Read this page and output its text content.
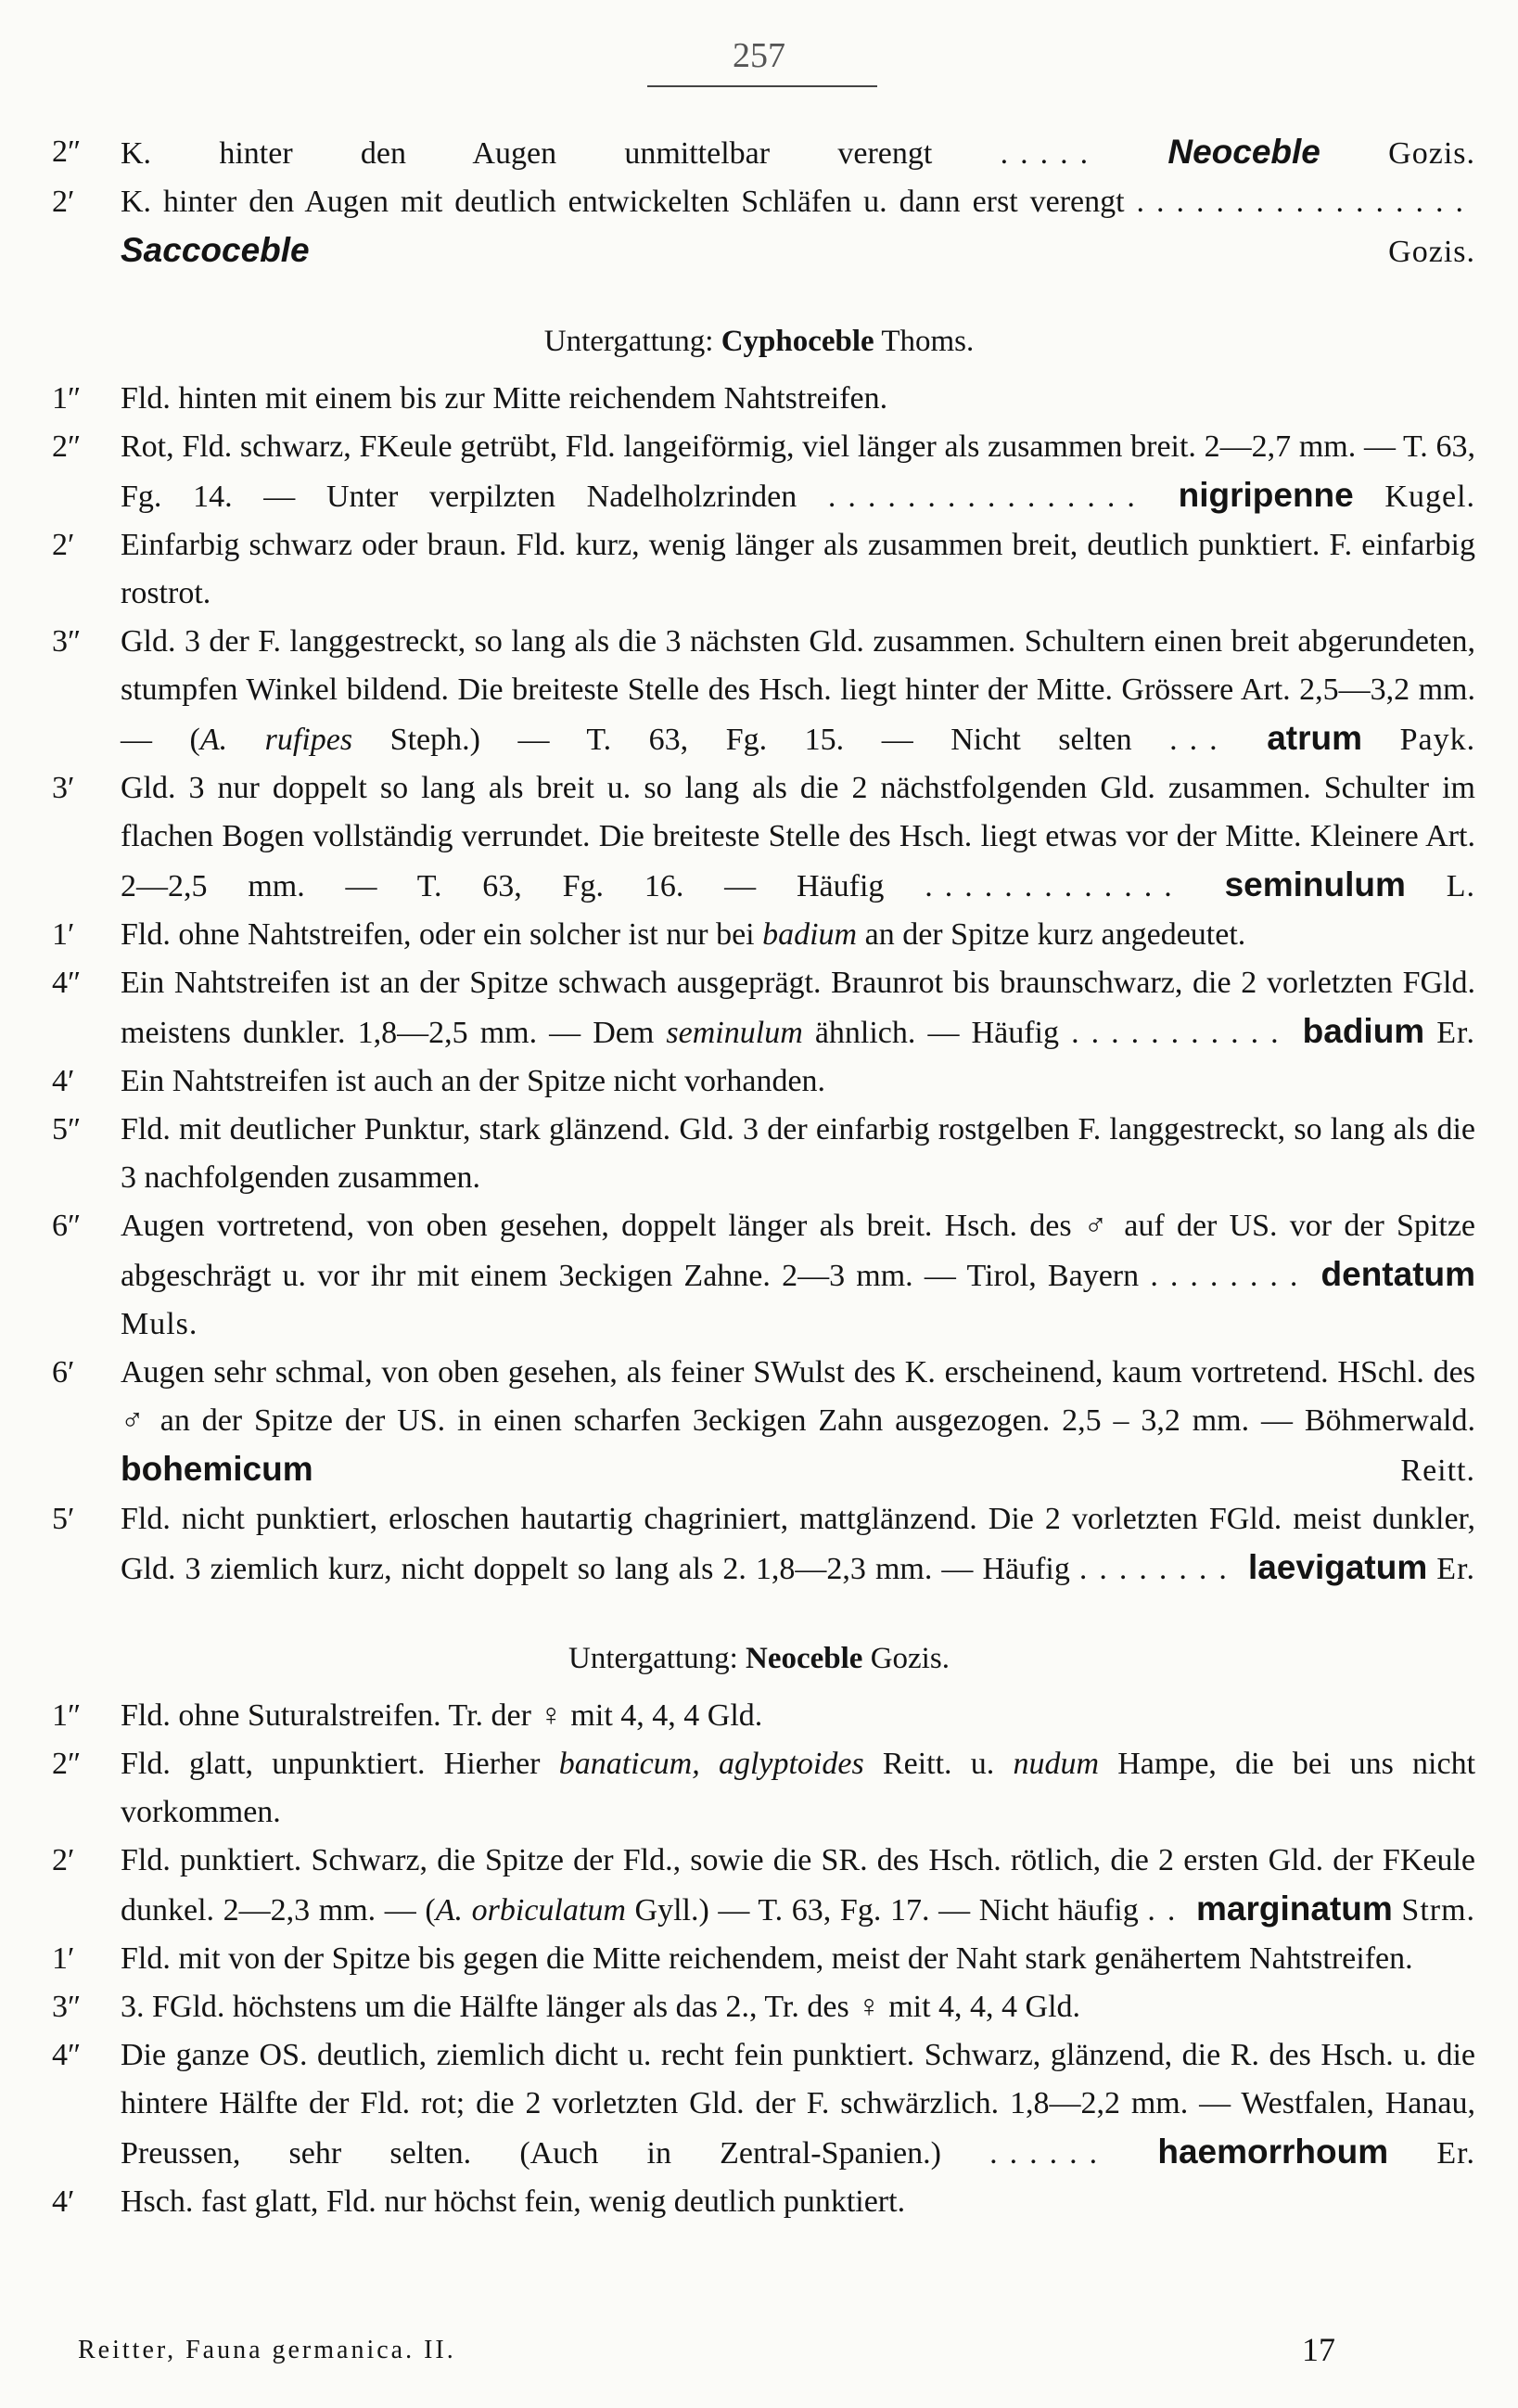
257
2″	K. hinter den Augen unmittelbar verengt ..... Neoceble Gozis.
2′	K. hinter den Augen mit deutlich entwickelten Schläfen u. dann erst verengt ................. Saccoceble	Gozis.
Untergattung: Cyphoceble Thoms.
1″	Fld. hinten mit einem bis zur Mitte reichendem Nahtstreifen.
2″	Rot, Fld. schwarz, FKeule getrübt, Fld. langeiförmig, viel länger als zusammen breit. 2—2,7 mm. — T. 63, Fg. 14. — Unter verpilzten Nadelholzrinden ................ nigripenne Kugel.
2′	Einfarbig schwarz oder braun. Fld. kurz, wenig länger als zusammen breit, deutlich punktiert. F. einfarbig rostrot.
3″	Gld. 3 der F. langgestreckt, so lang als die 3 nächsten Gld. zusammen. Schultern einen breit abgerundeten, stumpfen Winkel bildend. Die breiteste Stelle des Hsch. liegt hinter der Mitte. Grössere Art. 2,5—3,2 mm. — (A. rufipes Steph.) — T. 63, Fg. 15. — Nicht selten ... atrum Payk.
3′	Gld. 3 nur doppelt so lang als breit u. so lang als die 2 nächstfolgenden Gld. zusammen. Schulter im flachen Bogen vollständig verrundet. Die breiteste Stelle des Hsch. liegt etwas vor der Mitte. Kleinere Art. 2—2,5 mm. — T. 63, Fg. 16. — Häufig ............. seminulum L.
1′	Fld. ohne Nahtstreifen, oder ein solcher ist nur bei badium an der Spitze kurz angedeutet.
4″	Ein Nahtstreifen ist an der Spitze schwach ausgeprägt. Braunrot bis braunschwarz, die 2 vorletzten FGld. meistens dunkler. 1,8—2,5 mm. — Dem seminulum ähnlich. — Häufig ........... badium Er.
4′	Ein Nahtstreifen ist auch an der Spitze nicht vorhanden.
5″	Fld. mit deutlicher Punktur, stark glänzend. Gld. 3 der einfarbig rostgelben F. langgestreckt, so lang als die 3 nachfolgenden zusammen.
6″	Augen vortretend, von oben gesehen, doppelt länger als breit. Hsch. des ♂ auf der US. vor der Spitze abgeschrägt u. vor ihr mit einem 3eckigen Zahne. 2—3 mm. — Tirol, Bayern ........ dentatum Muls.
6′	Augen sehr schmal, von oben gesehen, als feiner SWulst des K. erscheinend, kaum vortretend. HSchl. des ♂ an der Spitze der US. in einen scharfen 3eckigen Zahn ausgezogen. 2,5 – 3,2 mm. — Böhmerwald. bohemicum	Reitt.
5′	Fld. nicht punktiert, erloschen hautartig chagriniert, mattglänzend. Die 2 vorletzten FGld. meist dunkler, Gld. 3 ziemlich kurz, nicht doppelt so lang als 2. 1,8—2,3 mm. — Häufig ........ laevigatum Er.
Untergattung: Neoceble Gozis.
1″	Fld. ohne Suturalstreifen. Tr. der ♀ mit 4, 4, 4 Gld.
2″	Fld. glatt, unpunktiert. Hierher banaticum, aglyptoides Reitt. u. nudum Hampe, die bei uns nicht vorkommen.
2′	Fld. punktiert. Schwarz, die Spitze der Fld., sowie die SR. des Hsch. rötlich, die 2 ersten Gld. der FKeule dunkel. 2—2,3 mm. — (A. orbiculatum Gyll.) — T. 63, Fg. 17. — Nicht häufig .. marginatum Strm.
1′	Fld. mit von der Spitze bis gegen die Mitte reichendem, meist der Naht stark genähertem Nahtstreifen.
3″	3. FGld. höchstens um die Hälfte länger als das 2., Tr. des ♀ mit 4, 4, 4 Gld.
4″	Die ganze OS. deutlich, ziemlich dicht u. recht fein punktiert. Schwarz, glänzend, die R. des Hsch. u. die hintere Hälfte der Fld. rot; die 2 vorletzten Gld. der F. schwärzlich. 1,8—2,2 mm. — Westfalen, Hanau, Preussen, sehr selten. (Auch in Zentral-Spanien.) ...... haemorrhoum Er.
4′	Hsch. fast glatt, Fld. nur höchst fein, wenig deutlich punktiert.
Reitter, Fauna germanica. II.	17
